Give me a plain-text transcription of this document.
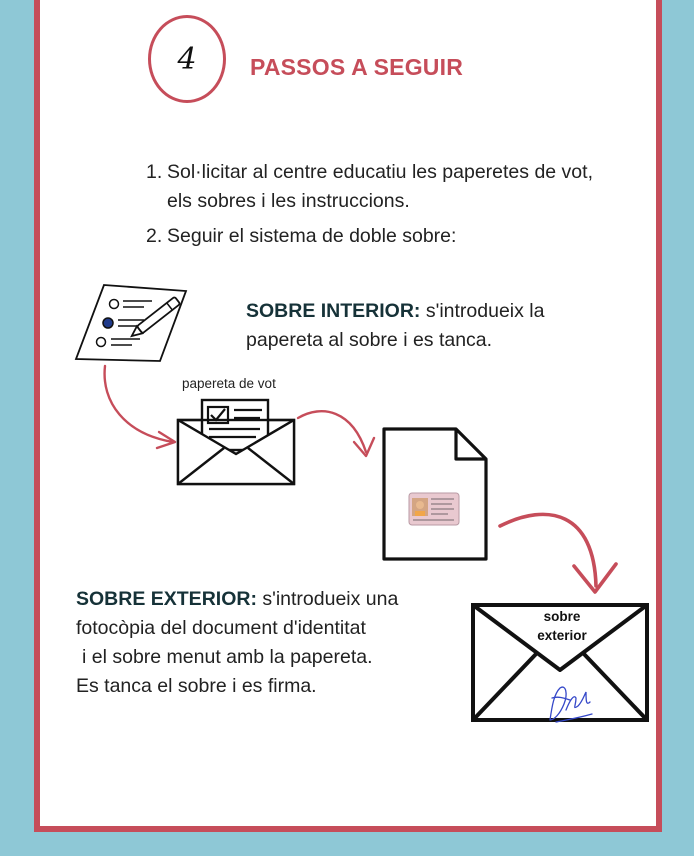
4 PASSOS A SEGUIR
1. Sol·licitar al centre educatiu les paperetes de vot, els sobres i les instruccions.
2. Seguir el sistema de doble sobre:
SOBRE INTERIOR: s'introdueix la papereta al sobre i es tanca.
papereta de vot
SOBRE EXTERIOR: s'introdueix una
fotocòpia del document d'identitat
i el sobre menut amb la papereta.
Es tanca el sobre i es firma.
sobre
exterior
